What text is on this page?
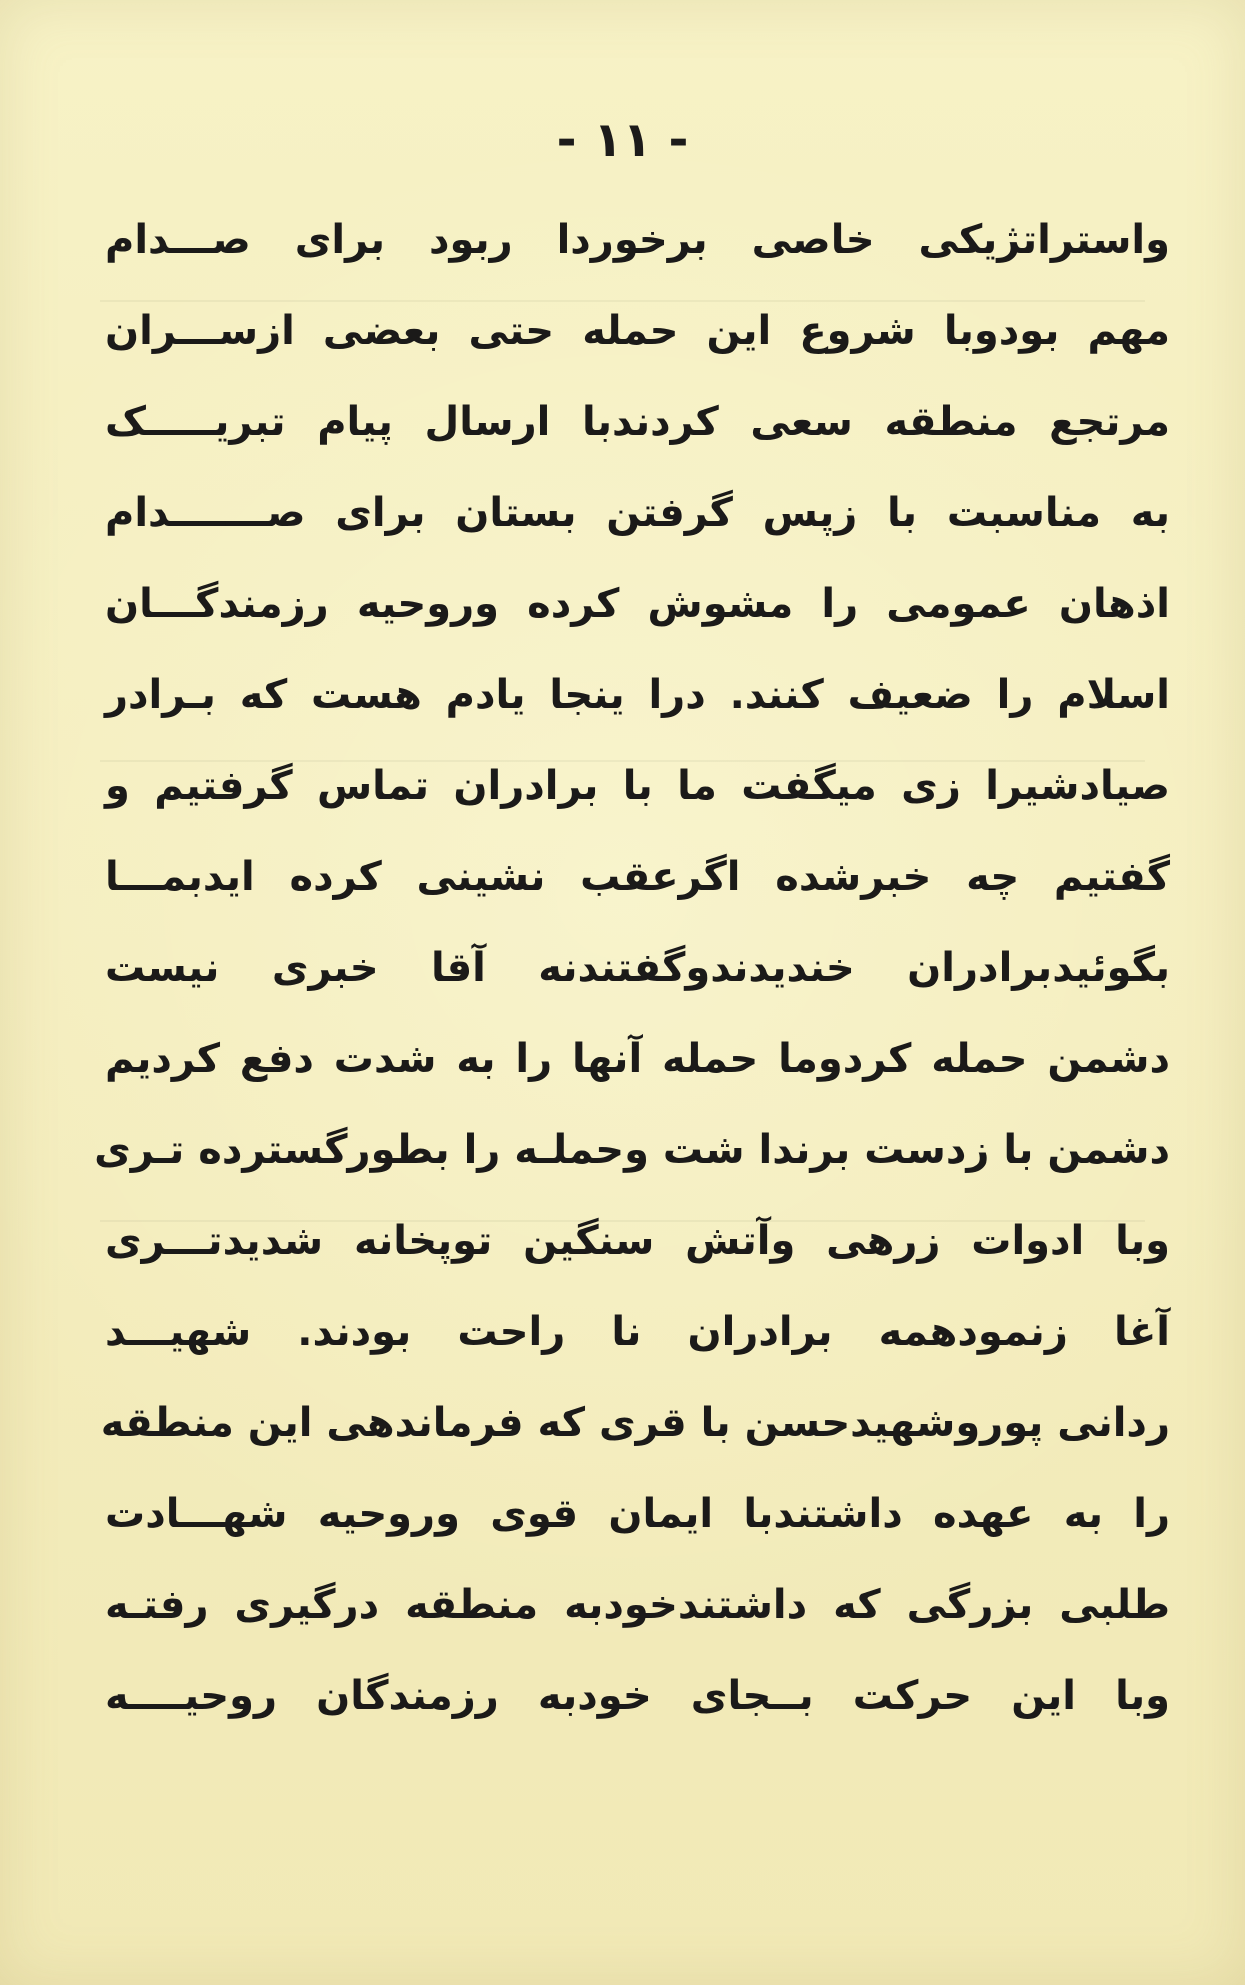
- ۱۱ -
واستراتژیکی خاصی برخوردا ربود برای صـــدام
مهم بودوبا شروع این حمله حتی بعضی ازســـران
مرتجع منطقه سعی کردندبا ارسال پیام تبریـــــک
به مناسبت با زپس گرفتن بستان برای صـــــــدام
اذهان عمومی را مشوش کرده وروحیه رزمندگـــان
اسلام را ضعیف کنند. درا ینجا یادم هست که بـرادر
صیادشیرا زی میگفت ما با برادران تماس گرفتیم و
گفتیم چه خبرشده اگرعقب نشینی کرده ایدبمـــا
بگوئیدبرادران خندیدندوگفتندنه آقا خبری نیست
دشمن حمله کردوما حمله آنها را به شدت دفع کردیم
دشمن با زدست برندا شت وحملـه را بطورگسترده تـری
وبا ادوات زرهی وآتش سنگین توپخانه شدیدتـــری
آغا زنمودهمه برادران نا راحت بودند. شهیـــد
ردانی پوروشهیدحسن با قری که فرماندهی این منطقه
را به عهده داشتندبا ایمان قوی وروحیه شهـــادت
طلبی بزرگی که داشتندخودبه منطقه درگیری رفتـه
وبا این حرکت بــجای خودبه رزمندگان روحیــــه
